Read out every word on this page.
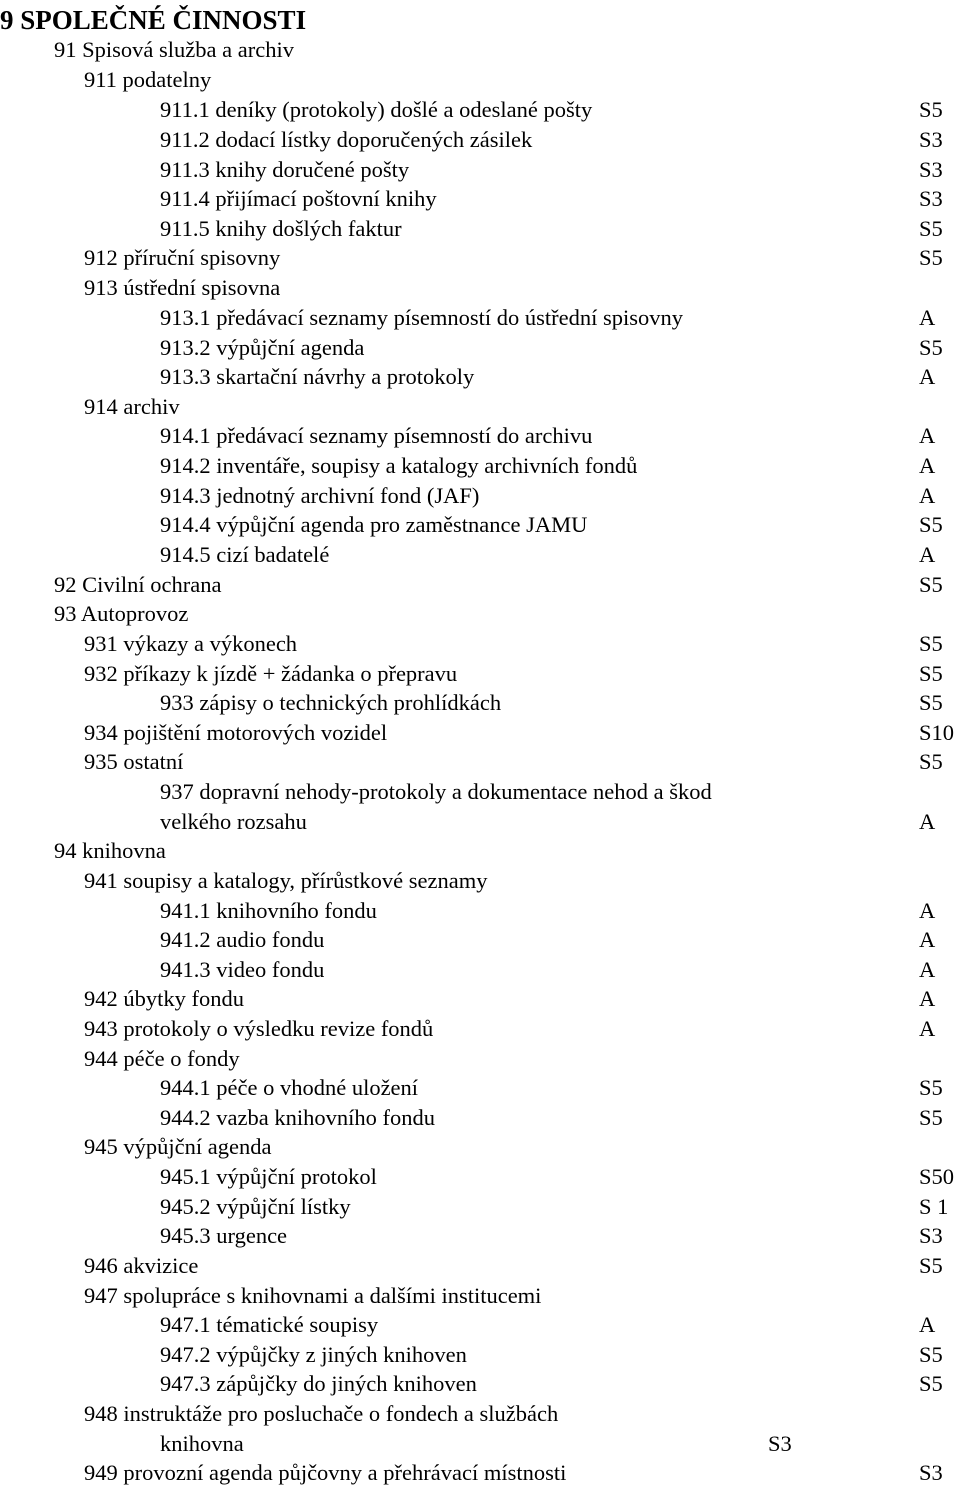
9 SPOLEČNÉ ČINNOSTI
91 Spisová služba a archiv
911 podatelny
911.1 deníky (protokoly) došlé a odeslané pošty	S5
911.2 dodací lístky doporučených zásilek	S3
911.3 knihy doručené pošty	S3
911.4 přijímací poštovní knihy	S3
911.5 knihy došlých faktur	S5
912 příruční spisovny	S5
913 ústřední spisovna
913.1 předávací seznamy písemností do ústřední spisovny	A
913.2 výpůjční agenda	S5
913.3 skartační návrhy a protokoly	A
914 archiv
914.1 předávací seznamy písemností do archivu	A
914.2 inventáře, soupisy a katalogy archivních fondů	A
914.3 jednotný archivní fond (JAF)	A
914.4 výpůjční agenda pro zaměstnance JAMU	S5
914.5 cizí badatelé	A
92 Civilní ochrana	S5
93 Autoprovoz
931 výkazy a výkonech	S5
932 příkazy k jízdě + žádanka o přepravu	S5
933 zápisy o technických prohlídkách	S5
934 pojištění motorových vozidel	S10
935 ostatní	S5
937 dopravní nehody-protokoly a dokumentace nehod a škod
velkého rozsahu	A
94 knihovna
941 soupisy a katalogy, přírůstkové seznamy
941.1 knihovního fondu	A
941.2 audio fondu	A
941.3 video fondu	A
942 úbytky fondu	A
943 protokoly o výsledku revize fondů	A
944 péče o fondy
944.1 péče o vhodné uložení	S5
944.2 vazba knihovního fondu	S5
945 výpůjční agenda
945.1 výpůjční protokol	S50
945.2 výpůjční lístky	S 1
945.3 urgence	S3
946 akvizice	S5
947 spolupráce s knihovnami a dalšími institucemi
947.1 tématické soupisy	A
947.2 výpůjčky z jiných knihoven	S5
947.3 zápůjčky do jiných knihoven	S5
948 instruktáže pro posluchače o fondech a službách
knihovna	S3
949 provozní agenda půjčovny a přehrávací místnosti	S3
